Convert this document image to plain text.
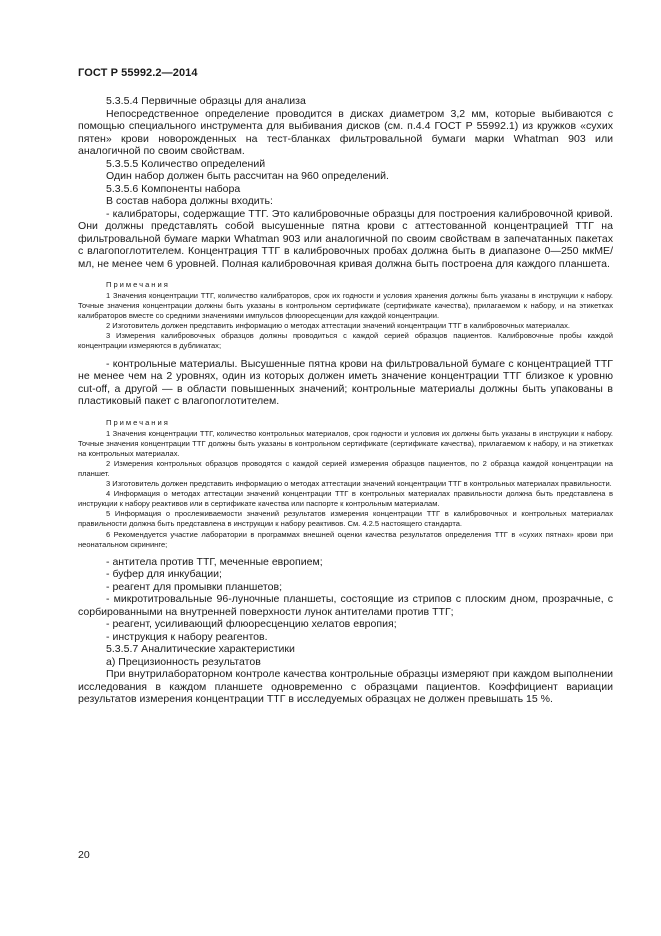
ГОСТ Р 55992.2—2014

5.3.5.4 Первичные образцы для анализа

Непосредственное определение проводится в дисках диаметром 3,2 мм, которые выбиваются с помощью специального инструмента для выбивания дисков (см. п.4.4 ГОСТ Р 55992.1) из кружков «сухих пятен» крови новорожденных на тест-бланках фильтровальной бумаги марки Whatman 903 или аналогичной по своим свойствам.

5.3.5.5 Количество определений

Один набор должен быть рассчитан на 960 определений.

5.3.5.6 Компоненты набора

В состав набора должны входить:

- калибраторы, содержащие ТТГ. Это калибровочные образцы для построения калибровочной кривой. Они должны представлять собой высушенные пятна крови с аттестованной концентрацией ТТГ на фильтровальной бумаге марки Whatman 903 или аналогичной по своим свойствам в запечатанных пакетах с влагопоглотителем. Концентрация ТТГ в калибровочных пробах должна быть в диапазоне 0—250 мкМЕ/мл, не менее чем 6 уровней. Полная калибровочная кривая должна быть построена для каждого планшета.

Примечания

1 Значения концентрации ТТГ, количество калибраторов, срок их годности и условия хранения должны быть указаны в инструкции к набору. Точные значения концентрации должны быть указаны в контрольном сертификате (сертификате качества), прилагаемом к набору, и на этикетках калибраторов вместе со средними значениями импульсов флюоресценции для каждой концентрации.

2 Изготовитель должен представить информацию о методах аттестации значений концентрации ТТГ в калибровочных материалах.

3 Измерения калибровочных образцов должны проводиться с каждой серией образцов пациентов. Калибровочные пробы каждой концентрации измеряются в дубликатах;

- контрольные материалы. Высушенные пятна крови на фильтровальной бумаге с концентрацией ТТГ не менее чем на 2 уровнях, один из которых должен иметь значение концентрации ТТГ близкое к уровню cut-off, а другой — в области повышенных значений; контрольные материалы должны быть упакованы в пластиковый пакет с влагопоглотителем.

Примечания

1 Значения концентрации ТТГ, количество контрольных материалов, срок годности и условия их должны быть указаны в инструкции к набору. Точные значения концентрации ТТГ должны быть указаны в контрольном сертификате (сертификате качества), прилагаемом к набору, и на этикетках на контрольных материалах.

2 Измерения контрольных образцов проводятся с каждой серией измерения образцов пациентов, по 2 образца каждой концентрации на планшет.

3 Изготовитель должен представить информацию о методах аттестации значений концентрации ТТГ в контрольных материалах правильности.

4 Информация о методах аттестации значений концентрации ТТГ в контрольных материалах правильности должна быть представлена в инструкции к набору реактивов или в сертификате качества или паспорте к контрольным материалам.

5 Информация о прослеживаемости значений результатов измерения концентрации ТТГ в калибровочных и контрольных материалах правильности должна быть представлена в инструкции к набору реактивов. См. 4.2.5 настоящего стандарта.

6 Рекомендуется участие лаборатории в программах внешней оценки качества результатов определения ТТГ в «сухих пятнах» крови при неонатальном скрининге;

- антитела против ТТГ, меченные европием;

- буфер для инкубации;

- реагент для промывки планшетов;

- микротитровальные 96-луночные планшеты, состоящие из стрипов с плоским дном, прозрачные, с сорбированными на внутренней поверхности лунок антителами против ТТГ;

- реагент, усиливающий флюоресценцию хелатов европия;

- инструкция к набору реагентов.

5.3.5.7 Аналитические характеристики

а) Прецизионность результатов

При внутрилабораторном контроле качества контрольные образцы измеряют при каждом выполнении исследования в каждом планшете одновременно с образцами пациентов. Коэффициент вариации результатов измерения концентрации ТТГ в исследуемых образцах не должен превышать 15 %.

20
